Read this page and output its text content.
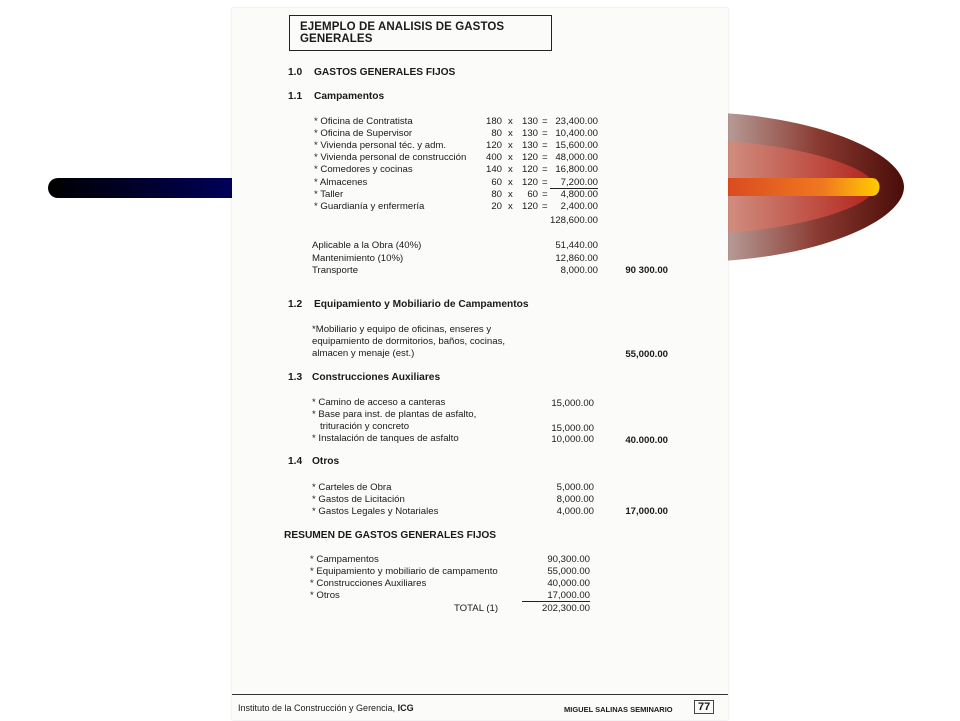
EJEMPLO DE ANALISIS DE GASTOS GENERALES
1.0 GASTOS GENERALES FIJOS
1.1 Campamentos
* Oficina de Contratista	180 x 130 = 23,400.00
* Oficina de Supervisor	80 x 130 = 10,400.00
* Vivienda personal téc. y adm.	120 x 130 = 15,600.00
* Vivienda personal de construcción	400 x 120 = 48,000.00
* Comedores y cocinas	140 x 120 = 16,800.00
* Almacenes	60 x 120 =	7,200.00
* Taller	80 x	60 =	4,800.00
* Guardianía y enfermería	20 x 120 =	2,400.00
128,600.00
Aplicable a la Obra (40%)	51,440.00
Mantenimiento (10%)	12,860.00
Transporte	8,000.00	90 300.00
1.2 Equipamiento y Mobiliario de Campamentos
*Mobiliario y equipo de oficinas, enseres y
equipamiento de dormitorios, baños, cocinas,
almacen y menaje (est.)	55,000.00
1.3 Construcciones Auxiliares
* Camino de acceso a canteras	15,000.00
* Base para inst. de plantas de asfalto,
trituración y concreto	15,000.00
* Instalación de tanques de asfalto	10,000.00	40.000.00
1.4 Otros
* Carteles de Obra	5,000.00
* Gastos de Licitación	8,000.00
* Gastos Legales y Notariales	4,000.00	17,000.00
RESUMEN DE GASTOS GENERALES FIJOS
* Campamentos	90,300.00
* Equipamiento y mobiliario de campamento	55,000.00
* Construcciones Auxiliares	40,000.00
* Otros	17,000.00
TOTAL (1)	202,300.00
Instituto de la Construcción y Gerencia, ICG	MIGUEL SALINAS SEMINARIO	77
